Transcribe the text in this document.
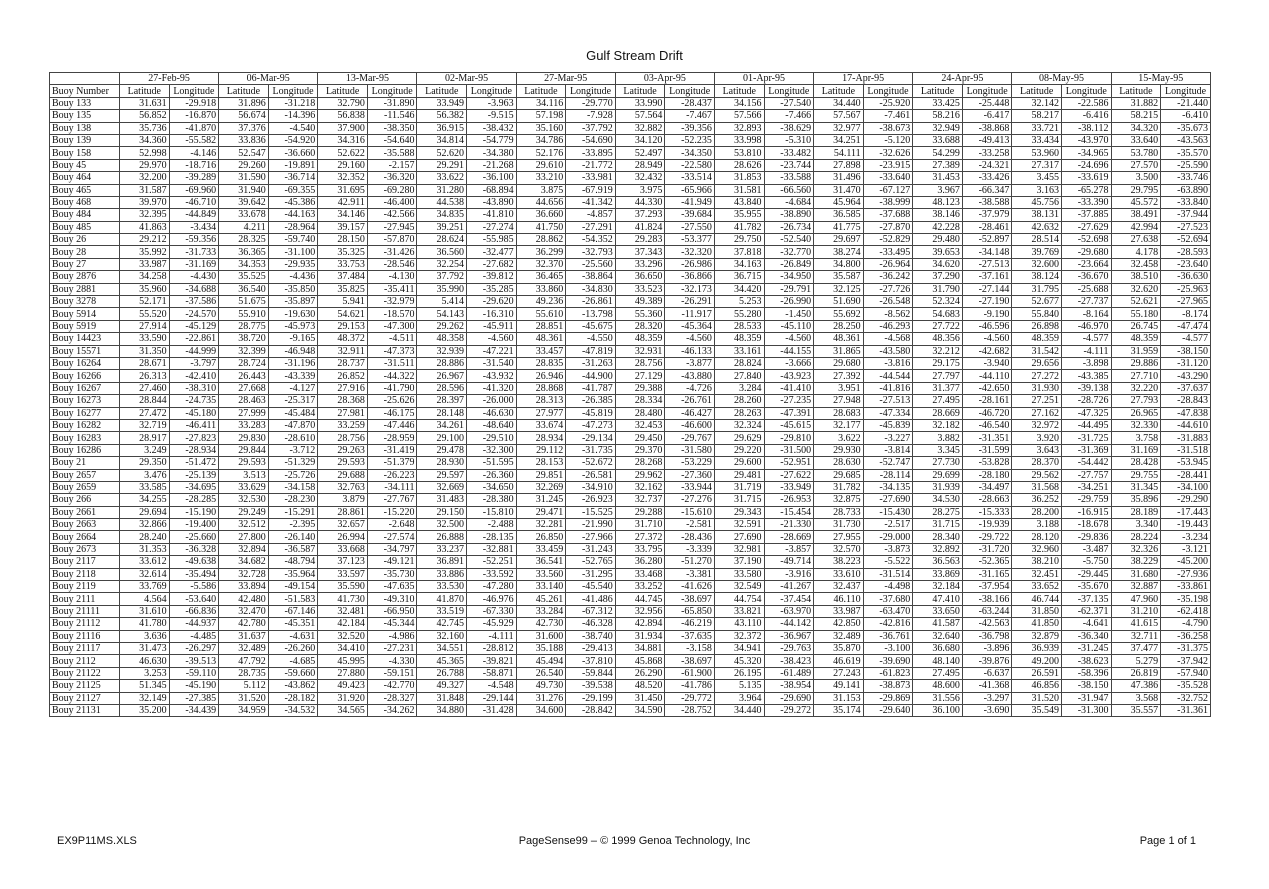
Gulf Stream Drift
	27-Feb-95		06-Mar-95		13-Mar-95		02-Mar-95		27-Mar-95		03-Apr-95		01-Apr-95		17-Apr-95		24-Apr-95		08-May-95		15-May-95	
Buoy Number	Latitude	Longitude	Latitude	Longitude	Latitude	Longitude	Latitude	Longitude	Latitude	Longitude	Latitude	Longitude	Latitude	Longitude	Latitude	Longitude	Latitude	Longitude	Latitude	Longitude	Latitude	Longitude
Bouy 133	31.631	-29.918	31.896	-31.218	32.790	-31.890	33.949	-3.963	34.116	-29.770	33.990	-28.437	34.156	-27.540	34.440	-25.920	33.425	-25.448	32.142	-22.586	31.882	-21.440
Bouy 135	56.852	-16.870	56.674	-14.396	56.838	-11.546	56.382	-9.515	57.198	-7.928	57.564	-7.467	57.566	-7.466	57.567	-7.461	58.216	-6.417	58.217	-6.416	58.215	-6.410
Bouy 138	35.736	-41.870	37.376	-4.540	37.900	-38.350	36.915	-38.432	35.160	-37.792	32.882	-39.356	32.893	-38.629	32.977	-38.673	32.949	-38.868	33.721	-38.112	34.320	-35.673
Bouy 139	34.360	-55.582	33.836	-54.920	34.316	-54.640	34.814	-54.779	34.786	-54.690	34.120	-52.235	33.998	-5.310	34.251	-5.120	33.688	-49.413	33.434	-43.970	33.640	-43.563
Bouy 158	52.998	-4.146	52.547	-36.660	52.622	-35.588	52.620	-34.380	52.176	-33.895	52.497	-34.350	53.810	-33.482	54.111	-32.626	54.299	-33.258	53.960	-34.965	53.780	-35.570
Bouy 45	29.970	-18.716	29.260	-19.891	29.160	-2.157	29.291	-21.268	29.610	-21.772	28.949	-22.580	28.626	-23.744	27.898	-23.915	27.389	-24.321	27.317	-24.696	27.570	-25.590
Bouy 464	32.200	-39.289	31.590	-36.714	32.352	-36.320	33.622	-36.100	33.210	-33.981	32.432	-33.514	31.853	-33.588	31.496	-33.640	31.453	-33.426	3.455	-33.619	3.500	-33.746
Bouy 465	31.587	-69.960	31.940	-69.355	31.695	-69.280	31.280	-68.894	3.875	-67.919	3.975	-65.966	31.581	-66.560	31.470	-67.127	3.967	-66.347	3.163	-65.278	29.795	-63.890
Bouy 468	39.970	-46.710	39.642	-45.386	42.911	-46.400	44.538	-43.890	44.656	-41.342	44.330	-41.949	43.840	-4.684	45.964	-38.999	48.123	-38.588	45.756	-33.390	45.572	-33.840
Bouy 484	32.395	-44.849	33.678	-44.163	34.146	-42.566	34.835	-41.810	36.660	-4.857	37.293	-39.684	35.955	-38.890	36.585	-37.688	38.146	-37.979	38.131	-37.885	38.491	-37.944
Bouy 485	41.863	-3.434	4.211	-28.964	39.157	-27.945	39.251	-27.274	41.750	-27.291	41.824	-27.550	41.782	-26.734	41.775	-27.870	42.228	-28.461	42.632	-27.629	42.994	-27.523
Bouy 26	29.212	-59.356	28.325	-59.740	28.150	-57.870	28.624	-55.985	28.862	-54.352	29.283	-53.377	29.750	-52.540	29.697	-52.829	29.480	-52.897	28.514	-52.698	27.638	-52.694
Bouy 28	35.992	-31.733	36.365	-31.100	35.325	-31.426	36.560	-32.477	36.299	-32.793	37.343	-32.320	37.818	-32.770	38.274	-33.495	39.653	-34.148	39.769	-29.680	4.178	-28.593
Bouy 27	33.987	-31.169	34.353	-29.935	33.753	-28.546	32.254	-27.682	32.370	-25.560	33.296	-26.986	34.163	-26.849	34.800	-26.964	34.620	-27.513	32.600	-23.664	32.458	-23.640
Bouy 2876	34.258	-4.430	35.525	-4.436	37.484	-4.130	37.792	-39.812	36.465	-38.864	36.650	-36.866	36.715	-34.950	35.587	-36.242	37.290	-37.161	38.124	-36.670	38.510	-36.630
Bouy 2881	35.960	-34.688	36.540	-35.850	35.825	-35.411	35.990	-35.285	33.860	-34.830	33.523	-32.173	34.420	-29.791	32.125	-27.726	31.790	-27.144	31.795	-25.688	32.620	-25.963
Bouy 3278	52.171	-37.586	51.675	-35.897	5.941	-32.979	5.414	-29.620	49.236	-26.861	49.389	-26.291	5.253	-26.990	51.690	-26.548	52.324	-27.190	52.677	-27.737	52.621	-27.965
Bouy 5914	55.520	-24.570	55.910	-19.630	54.621	-18.570	54.143	-16.310	55.610	-13.798	55.360	-11.917	55.280	-1.450	55.692	-8.562	54.683	-9.190	55.840	-8.164	55.180	-8.174
Bouy 5919	27.914	-45.129	28.775	-45.973	29.153	-47.300	29.262	-45.911	28.851	-45.675	28.320	-45.364	28.533	-45.110	28.250	-46.293	27.722	-46.596	26.898	-46.970	26.745	-47.474
Bouy 14423	33.590	-22.861	38.720	-9.165	48.372	-4.511	48.358	-4.560	48.361	-4.550	48.359	-4.560	48.359	-4.560	48.361	-4.568	48.356	-4.560	48.359	-4.577	48.359	-4.577
Bouy 15571	31.350	-44.999	32.399	-46.948	32.911	-47.373	32.939	-47.221	33.457	-47.819	32.931	-46.133	33.161	-44.155	31.865	-43.580	32.212	-42.682	31.542	-4.111	31.959	-38.150
Bouy 16264	28.671	-3.797	28.724	-31.196	28.737	-31.511	28.886	-31.540	28.835	-31.263	28.756	-3.877	28.824	-3.666	29.680	-3.816	29.175	-3.940	29.656	-3.898	29.886	-31.120
Bouy 16266	26.313	-42.410	26.443	-43.339	26.852	-44.322	26.967	-43.932	26.946	-44.900	27.129	-43.880	27.840	-43.923	27.392	-44.544	27.797	-44.110	27.272	-43.385	27.710	-43.290
Bouy 16267	27.460	-38.310	27.668	-4.127	27.916	-41.790	28.596	-41.320	28.868	-41.787	29.388	-4.726	3.284	-41.410	3.951	-41.816	31.377	-42.650	31.930	-39.138	32.220	-37.637
Bouy 16273	28.844	-24.735	28.463	-25.317	28.368	-25.626	28.397	-26.000	28.313	-26.385	28.334	-26.761	28.260	-27.235	27.948	-27.513	27.495	-28.161	27.251	-28.726	27.793	-28.843
Bouy 16277	27.472	-45.180	27.999	-45.484	27.981	-46.175	28.148	-46.630	27.977	-45.819	28.480	-46.427	28.263	-47.391	28.683	-47.334	28.669	-46.720	27.162	-47.325	26.965	-47.838
Bouy 16282	32.719	-46.411	33.283	-47.870	33.259	-47.446	34.261	-48.640	33.674	-47.273	32.453	-46.600	32.324	-45.615	32.177	-45.839	32.182	-46.540	32.972	-44.495	32.330	-44.610
Bouy 16283	28.917	-27.823	29.830	-28.610	28.756	-28.959	29.100	-29.510	28.934	-29.134	29.450	-29.767	29.629	-29.810	3.622	-3.227	3.882	-31.351	3.920	-31.725	3.758	-31.883
Bouy 16286	3.249	-28.934	29.844	-3.712	29.263	-31.419	29.478	-32.300	29.112	-31.735	29.370	-31.580	29.220	-31.500	29.930	-3.814	3.345	-31.599	3.643	-31.369	31.169	-31.518
Bouy 21	29.350	-51.472	29.593	-51.329	29.593	-51.379	28.930	-51.595	28.153	-52.672	28.268	-53.229	29.600	-52.951	28.630	-52.747	27.730	-53.828	28.370	-54.442	28.428	-53.945
Bouy 2657	3.476	-25.139	3.513	-25.726	29.688	-26.223	29.597	-26.360	29.851	-26.581	29.962	-27.360	29.481	-27.622	29.685	-28.114	29.699	-28.180	29.562	-27.757	29.755	-28.441
Bouy 2659	33.585	-34.695	33.629	-34.158	32.763	-34.111	32.669	-34.650	32.269	-34.910	32.162	-33.944	31.719	-33.949	31.782	-34.135	31.939	-34.497	31.568	-34.251	31.345	-34.100
Bouy 266	34.255	-28.285	32.530	-28.230	3.879	-27.767	31.483	-28.380	31.245	-26.923	32.737	-27.276	31.715	-26.953	32.875	-27.690	34.530	-28.663	36.252	-29.759	35.896	-29.290
Bouy 2661	29.694	-15.190	29.249	-15.291	28.861	-15.220	29.150	-15.810	29.471	-15.525	29.288	-15.610	29.343	-15.454	28.733	-15.430	28.275	-15.333	28.200	-16.915	28.189	-17.443
Bouy 2663	32.866	-19.400	32.512	-2.395	32.657	-2.648	32.500	-2.488	32.281	-21.990	31.710	-2.581	32.591	-21.330	31.730	-2.517	31.715	-19.939	3.188	-18.678	3.340	-19.443
Bouy 2664	28.240	-25.660	27.800	-26.140	26.994	-27.574	26.888	-28.135	26.850	-27.966	27.372	-28.436	27.690	-28.669	27.955	-29.000	28.340	-29.722	28.120	-29.836	28.224	-3.234
Bouy 2673	31.353	-36.328	32.894	-36.587	33.668	-34.797	33.237	-32.881	33.459	-31.243	33.795	-3.339	32.981	-3.857	32.570	-3.873	32.892	-31.720	32.960	-3.487	32.326	-3.121
Bouy 2117	33.612	-49.638	34.682	-48.794	37.123	-49.121	36.891	-52.251	36.541	-52.765	36.280	-51.270	37.190	-49.714	38.223	-5.522	36.563	-52.365	38.210	-5.750	38.229	-45.200
Bouy 2118	32.614	-35.494	32.728	-35.964	33.597	-35.730	33.886	-33.592	33.560	-31.295	33.468	-3.381	33.580	-3.916	33.610	-31.514	33.869	-31.165	32.451	-29.445	31.680	-27.936
Bouy 2119	33.769	-5.586	33.894	-49.154	35.590	-47.635	33.530	-47.280	33.140	-45.540	33.252	-41.626	32.549	-41.267	32.437	-4.498	32.184	-37.954	33.652	-35.670	32.887	-33.861
Bouy 2111	4.564	-53.640	42.480	-51.583	41.730	-49.310	41.870	-46.976	45.261	-41.486	44.745	-38.697	44.754	-37.454	46.110	-37.680	47.410	-38.166	46.744	-37.135	47.960	-35.198
Bouy 21111	31.610	-66.836	32.470	-67.146	32.481	-66.950	33.519	-67.330	33.284	-67.312	32.956	-65.850	33.821	-63.970	33.987	-63.470	33.650	-63.244	31.850	-62.371	31.210	-62.418
Bouy 21112	41.780	-44.937	42.780	-45.351	42.184	-45.344	42.745	-45.929	42.730	-46.328	42.894	-46.219	43.110	-44.142	42.850	-42.816	41.587	-42.563	41.850	-4.641	41.615	-4.790
Bouy 21116	3.636	-4.485	31.637	-4.631	32.520	-4.986	32.160	-4.111	31.600	-38.740	31.934	-37.635	32.372	-36.967	32.489	-36.761	32.640	-36.798	32.879	-36.340	32.711	-36.258
Bouy 21117	31.473	-26.297	32.489	-26.260	34.410	-27.231	34.551	-28.812	35.188	-29.413	34.881	-3.158	34.941	-29.763	35.870	-3.100	36.680	-3.896	36.939	-31.245	37.477	-31.375
Bouy 2112	46.630	-39.513	47.792	-4.685	45.995	-4.330	45.365	-39.821	45.494	-37.810	45.868	-38.697	45.320	-38.423	46.619	-39.690	48.140	-39.876	49.200	-38.623	5.279	-37.942
Bouy 21122	3.253	-59.110	28.735	-59.660	27.880	-59.151	26.788	-58.871	26.540	-59.844	26.290	-61.900	26.195	-61.489	27.243	-61.823	27.495	-6.637	26.591	-58.396	26.819	-57.940
Bouy 21125	51.345	-45.190	5.112	-43.862	49.423	-42.770	49.327	-4.548	49.730	-39.538	48.520	-41.786	5.135	-38.954	49.141	-38.873	48.600	-41.368	46.856	-38.150	47.386	-35.528
Bouy 21127	32.149	-27.385	31.520	-28.182	31.920	-28.327	31.848	-29.144	31.276	-29.199	31.450	-29.772	3.964	-29.690	31.153	-29.869	31.556	-3.297	31.520	-31.947	3.568	-32.752
Bouy 21131	35.200	-34.439	34.959	-34.532	34.565	-34.262	34.880	-31.428	34.600	-28.842	34.590	-28.752	34.440	-29.272	35.174	-29.640	36.100	-3.690	35.549	-31.300	35.557	-31.361
EX9P11MS.XLS	PageSense99 – © 1999 Genoa Technology, Inc	Page 1 of 1
